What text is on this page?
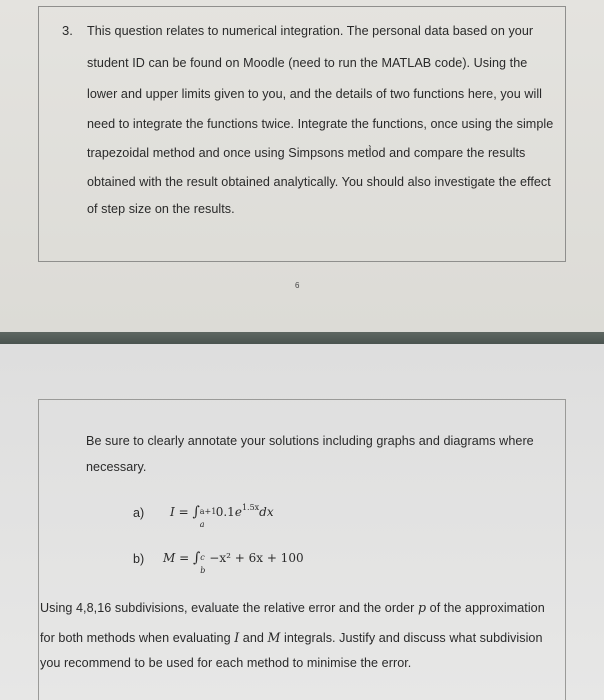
3. This question relates to numerical integration. The personal data based on your
student ID can be found on Moodle (need to run the MATLAB code). Using the
lower and upper limits given to you, and the details of two functions here, you will
need to integrate the functions twice. Integrate the functions, once using the simple
trapezoidal method and once using Simpsons metl̀od and compare the results
obtained with the result obtained analytically. You should also investigate the effect
of step size on the results.
6
Be sure to clearly annotate your solutions including graphs and diagrams where
necessary.
a) I = ∫ a+1
a
$0.1e^{1.5x}dx$
b) M = ∫ c
b
−x² + 6x + 100
Using 4,8,16 subdivisions, evaluate the relative error and the order p of the approximation
for both methods when evaluating I and M integrals. Justify and discuss what subdivision
you recommend to be used for each method to minimise the error.
